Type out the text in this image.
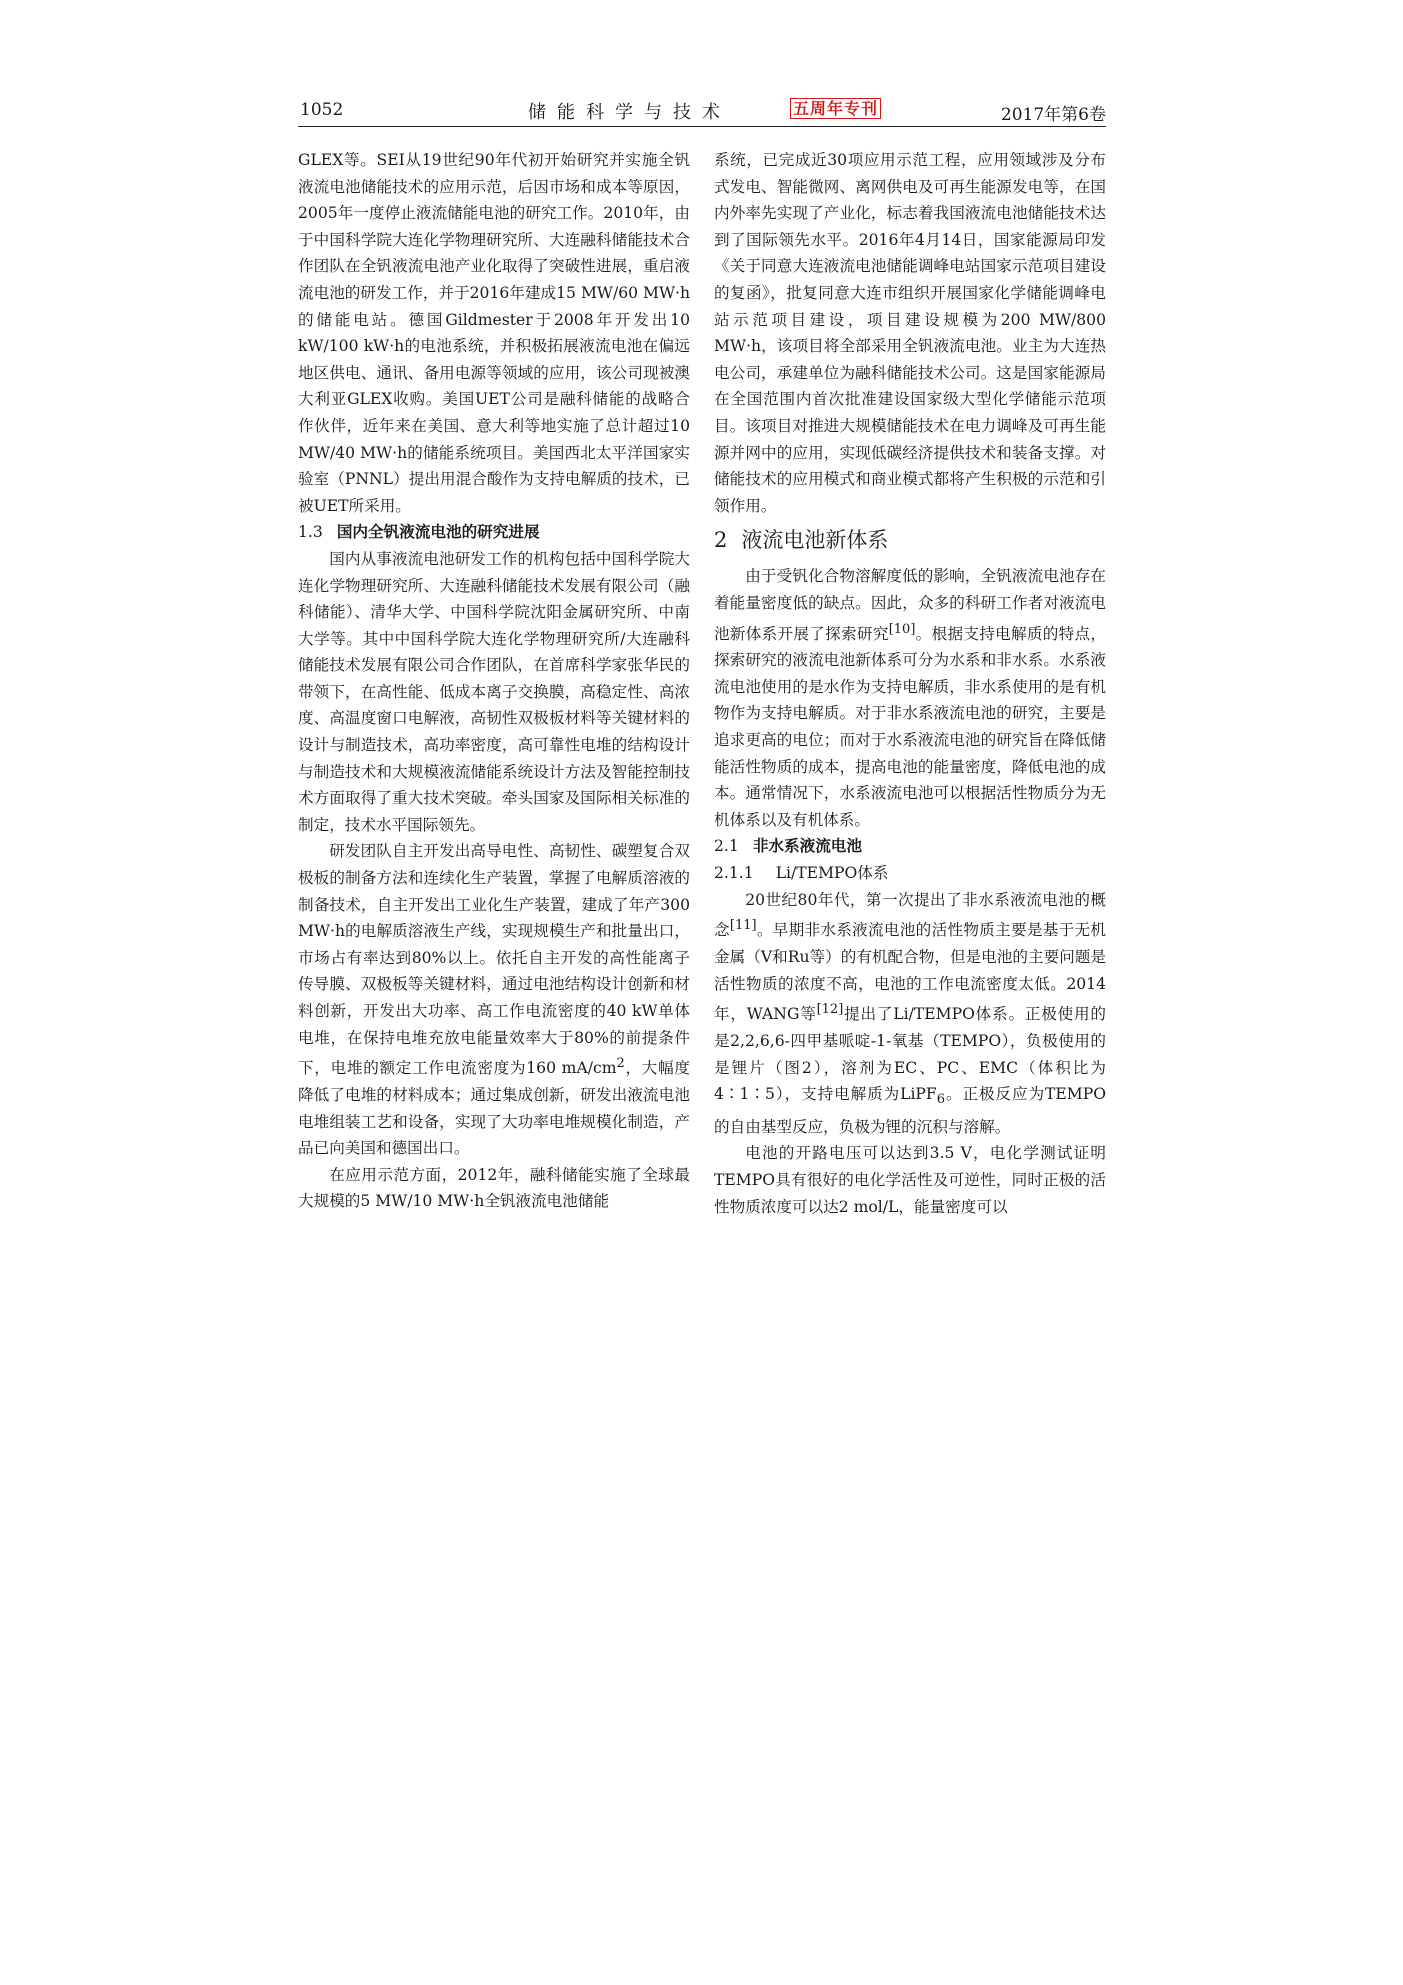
1052	储能科学与技术	五周年专刊	2017年第6卷

GLEX等。SEI从19世纪90年代初开始研究并实施全钒液流电池储能技术的应用示范，后因市场和成本等原因，2005年一度停止液流储能电池的研究工作。2010年，由于中国科学院大连化学物理研究所、大连融科储能技术合作团队在全钒液流电池产业化取得了突破性进展，重启液流电池的研发工作，并于2016年建成15 MW/60 MW·h的储能电站。德国Gildmester于2008年开发出10 kW/100 kW·h的电池系统，并积极拓展液流电池在偏远地区供电、通讯、备用电源等领域的应用，该公司现被澳大利亚GLEX收购。美国UET公司是融科储能的战略合作伙伴，近年来在美国、意大利等地实施了总计超过10 MW/40 MW·h的储能系统项目。美国西北太平洋国家实验室（PNNL）提出用混合酸作为支持电解质的技术，已被UET所采用。

1.3 国内全钒液流电池的研究进展

国内从事液流电池研发工作的机构包括中国科学院大连化学物理研究所、大连融科储能技术发展有限公司（融科储能）、清华大学、中国科学院沈阳金属研究所、中南大学等。其中中国科学院大连化学物理研究所/大连融科储能技术发展有限公司合作团队，在首席科学家张华民的带领下，在高性能、低成本离子交换膜，高稳定性、高浓度、高温度窗口电解液，高韧性双极板材料等关键材料的设计与制造技术，高功率密度，高可靠性电堆的结构设计与制造技术和大规模液流储能系统设计方法及智能控制技术方面取得了重大技术突破。牵头国家及国际相关标准的制定，技术水平国际领先。

研发团队自主开发出高导电性、高韧性、碳塑复合双极板的制备方法和连续化生产装置，掌握了电解质溶液的制备技术，自主开发出工业化生产装置，建成了年产300 MW·h的电解质溶液生产线，实现规模生产和批量出口，市场占有率达到80%以上。依托自主开发的高性能离子传导膜、双极板等关键材料，通过电池结构设计创新和材料创新，开发出大功率、高工作电流密度的40 kW单体电堆，在保持电堆充放电能量效率大于80%的前提条件下，电堆的额定工作电流密度为160 $mA/cm^2$，大幅度降低了电堆的材料成本；通过集成创新，研发出液流电池电堆组装工艺和设备，实现了大功率电堆规模化制造，产品已向美国和德国出口。

在应用示范方面，2012年，融科储能实施了全球最大规模的5 MW/10 MW·h全钒液流电池储能

系统，已完成近30项应用示范工程，应用领域涉及分布式发电、智能微网、离网供电及可再生能源发电等，在国内外率先实现了产业化，标志着我国液流电池储能技术达到了国际领先水平。2016年4月14日，国家能源局印发《关于同意大连液流电池储能调峰电站国家示范项目建设的复函》，批复同意大连市组织开展国家化学储能调峰电站示范项目建设，项目建设规模为200 MW/800 MW·h，该项目将全部采用全钒液流电池。业主为大连热电公司，承建单位为融科储能技术公司。这是国家能源局在全国范围内首次批准建设国家级大型化学储能示范项目。该项目对推进大规模储能技术在电力调峰及可再生能源并网中的应用，实现低碳经济提供技术和装备支撑。对储能技术的应用模式和商业模式都将产生积极的示范和引领作用。

2 液流电池新体系

由于受钒化合物溶解度低的影响，全钒液流电池存在着能量密度低的缺点。因此，众多的科研工作者对液流电池新体系开展了探索研究[10]。根据支持电解质的特点，探索研究的液流电池新体系可分为水系和非水系。水系液流电池使用的是水作为支持电解质，非水系使用的是有机物作为支持电解质。对于非水系液流电池的研究，主要是追求更高的电位；而对于水系液流电池的研究旨在降低储能活性物质的成本，提高电池的能量密度，降低电池的成本。通常情况下，水系液流电池可以根据活性物质分为无机体系以及有机体系。

2.1 非水系液流电池
2.1.1 Li/TEMPO体系

20世纪80年代，第一次提出了非水系液流电池的概念[11]。早期非水系液流电池的活性物质主要是基于无机金属（V和Ru等）的有机配合物，但是电池的主要问题是活性物质的浓度不高，电池的工作电流密度太低。2014年，WANG等[12]提出了Li/TEMPO体系。正极使用的是2,2,6,6-四甲基哌啶-1-氧基（TEMPO），负极使用的是锂片（图2），溶剂为EC、PC、EMC（体积比为4∶1∶5），支持电解质为LiPF$_6$。正极反应为TEMPO的自由基型反应，负极为锂的沉积与溶解。

电池的开路电压可以达到3.5 V，电化学测试证明TEMPO具有很好的电化学活性及可逆性，同时正极的活性物质浓度可以达2 mol/L，能量密度可以
